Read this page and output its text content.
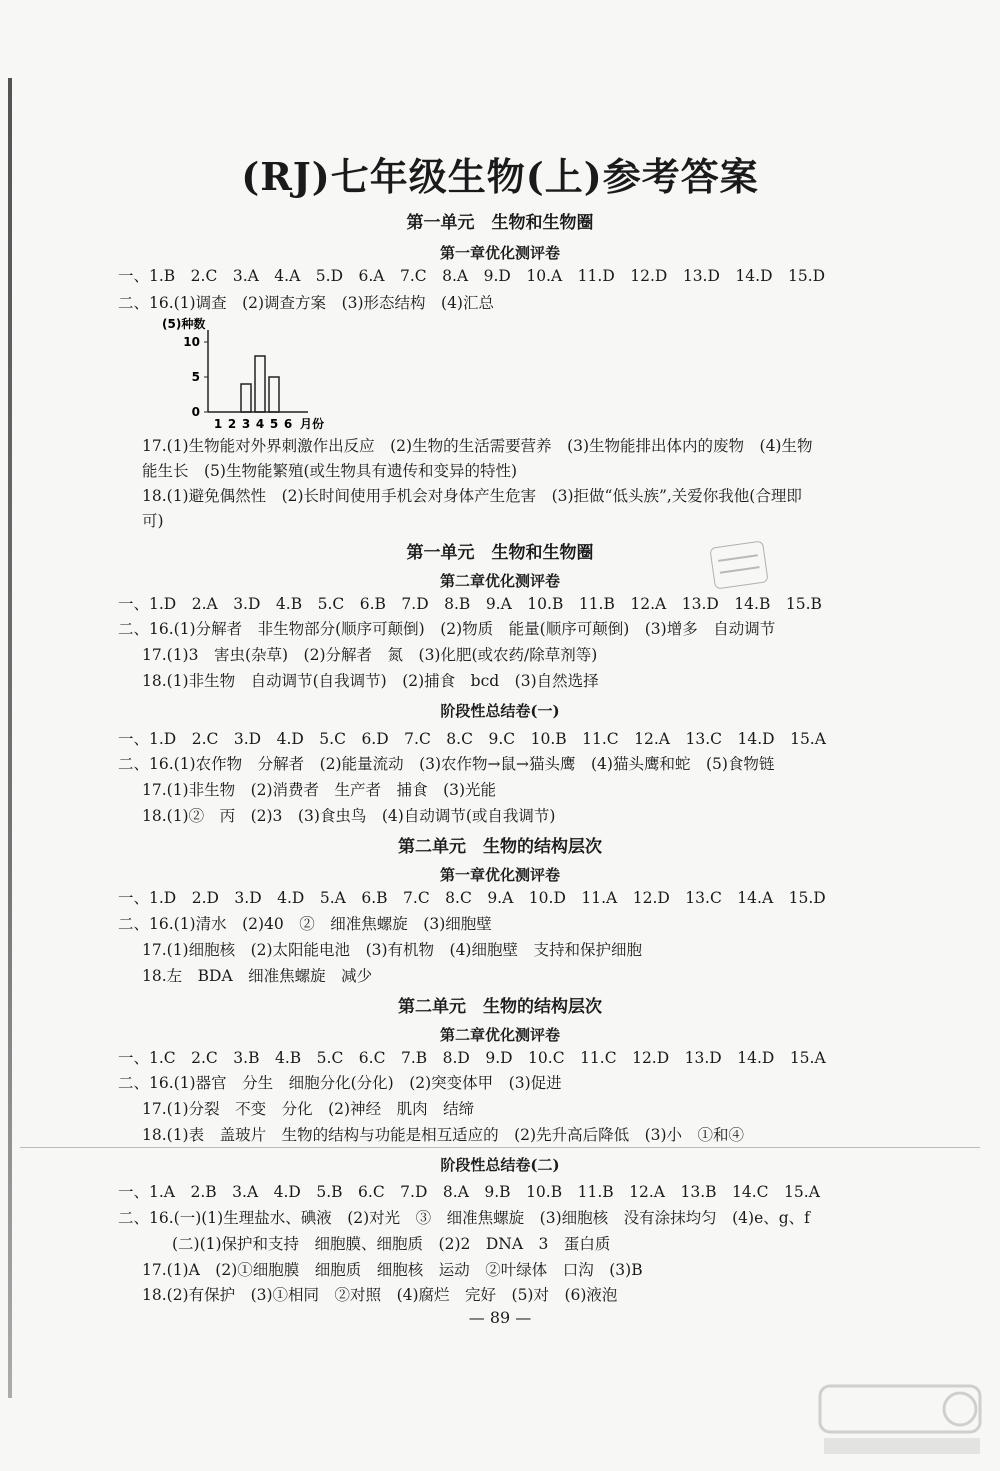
(RJ)七年级生物(上)参考答案
第一单元　生物和生物圈
第一章优化测评卷
一、1.B　2.C　3.A　4.A　5.D　6.A　7.C　8.A　9.D　10.A　11.D　12.D　13.D　14.D　15.D
二、16.(1)调查　(2)调查方案　(3)形态结构　(4)汇总
(5)种数
0
5
10
1 2 3 4 5 6 月份
17.(1)生物能对外界刺激作出反应　(2)生物的生活需要营养　(3)生物能排出体内的废物　(4)生物
能生长　(5)生物能繁殖(或生物具有遗传和变异的特性)
18.(1)避免偶然性　(2)长时间使用手机会对身体产生危害　(3)拒做“低头族”,关爱你我他(合理即
可)
第一单元　生物和生物圈
第二章优化测评卷
一、1.D　2.A　3.D　4.B　5.C　6.B　7.D　8.B　9.A　10.B　11.B　12.A　13.D　14.B　15.B
二、16.(1)分解者　非生物部分(顺序可颠倒)　(2)物质　能量(顺序可颠倒)　(3)增多　自动调节
17.(1)3　害虫(杂草)　(2)分解者　氮　(3)化肥(或农药/除草剂等)
18.(1)非生物　自动调节(自我调节)　(2)捕食　bcd　(3)自然选择
阶段性总结卷(一)
一、1.D　2.C　3.D　4.D　5.C　6.D　7.C　8.C　9.C　10.B　11.C　12.A　13.C　14.D　15.A
二、16.(1)农作物　分解者　(2)能量流动　(3)农作物→鼠→猫头鹰　(4)猫头鹰和蛇　(5)食物链
17.(1)非生物　(2)消费者　生产者　捕食　(3)光能
18.(1)②　丙　(2)3　(3)食虫鸟　(4)自动调节(或自我调节)
第二单元　生物的结构层次
第一章优化测评卷
一、1.D　2.D　3.D　4.D　5.A　6.B　7.C　8.C　9.A　10.D　11.A　12.D　13.C　14.A　15.D
二、16.(1)清水　(2)40　②　细准焦螺旋　(3)细胞壁
17.(1)细胞核　(2)太阳能电池　(3)有机物　(4)细胞壁　支持和保护细胞
18.左　BDA　细准焦螺旋　减少
第二单元　生物的结构层次
第二章优化测评卷
一、1.C　2.C　3.B　4.B　5.C　6.C　7.B　8.D　9.D　10.C　11.C　12.D　13.D　14.D　15.A
二、16.(1)器官　分生　细胞分化(分化)　(2)突变体甲　(3)促进
17.(1)分裂　不变　分化　(2)神经　肌肉　结缔
18.(1)表　盖玻片　生物的结构与功能是相互适应的　(2)先升高后降低　(3)小　①和④
阶段性总结卷(二)
一、1.A　2.B　3.A　4.D　5.B　6.C　7.D　8.A　9.B　10.B　11.B　12.A　13.B　14.C　15.A
二、16.(一)(1)生理盐水、碘液　(2)对光　③　细准焦螺旋　(3)细胞核　没有涂抹均匀　(4)e、g、f
(二)(1)保护和支持　细胞膜、细胞质　(2)2　DNA　3　蛋白质
17.(1)A　(2)①细胞膜　细胞质　细胞核　运动　②叶绿体　口沟　(3)B
18.(2)有保护　(3)①相同　②对照　(4)腐烂　完好　(5)对　(6)液泡
— 89 —
